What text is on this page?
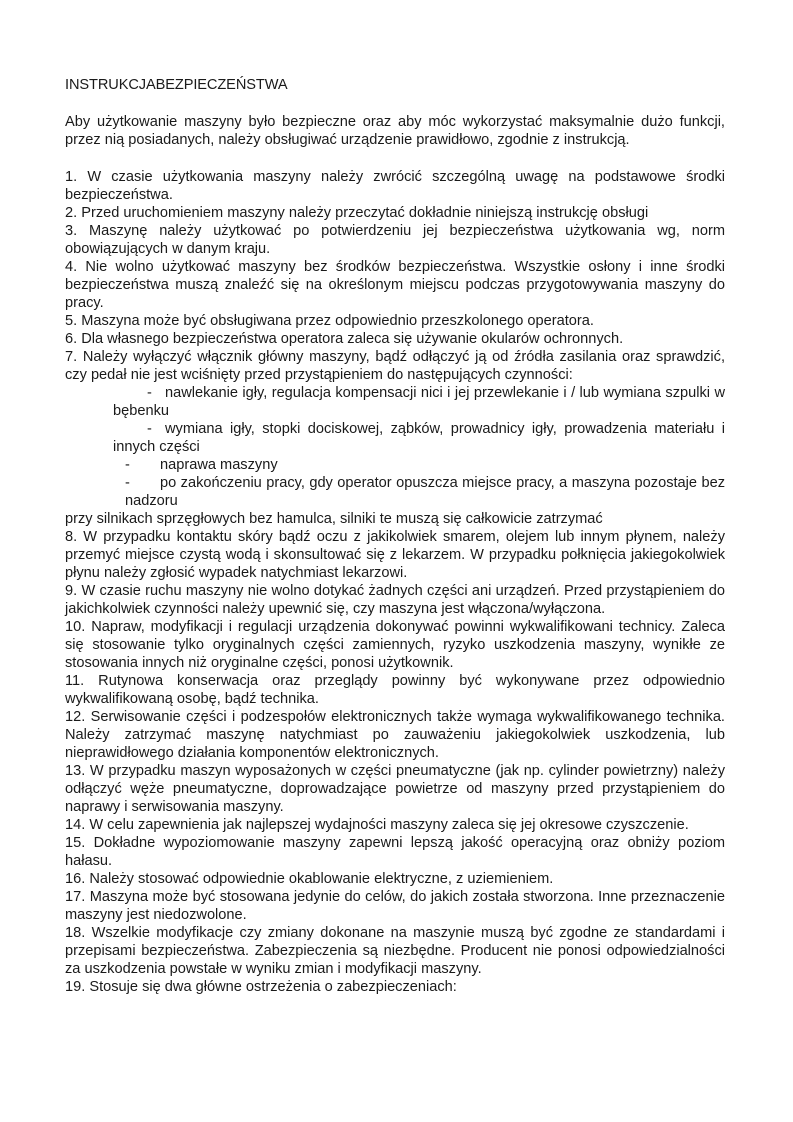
INSTRUKCJABEZPIECZEŃSTWA

Aby użytkowanie maszyny było bezpieczne oraz aby móc wykorzystać maksymalnie dużo funkcji, przez nią posiadanych, należy obsługiwać urządzenie prawidłowo, zgodnie z instrukcją.

1. W czasie użytkowania maszyny należy zwrócić szczególną uwagę na podstawowe środki bezpieczeństwa.

2. Przed uruchomieniem maszyny należy przeczytać dokładnie niniejszą instrukcję obsługi

3. Maszynę należy użytkować po potwierdzeniu jej bezpieczeństwa użytkowania wg, norm obowiązujących w danym kraju.

4. Nie wolno użytkować maszyny bez środków bezpieczeństwa. Wszystkie osłony i inne środki bezpieczeństwa muszą znaleźć się na określonym miejscu podczas przygotowywania maszyny do pracy.

5. Maszyna może być obsługiwana przez odpowiednio przeszkolonego operatora.

6. Dla własnego bezpieczeństwa operatora zaleca się używanie okularów ochronnych.

7. Należy wyłączyć włącznik główny maszyny, bądź odłączyć ją od źródła zasilania oraz sprawdzić, czy pedał nie jest wciśnięty przed przystąpieniem do następujących czynności:

- nawlekanie igły, regulacja kompensacji nici i jej przewlekanie i / lub wymiana szpulki w bębenku

- wymiana igły, stopki dociskowej, ząbków, prowadnicy igły, prowadzenia materiału i innych części

- naprawa maszyny

- po zakończeniu pracy, gdy operator opuszcza miejsce pracy, a maszyna pozostaje bez nadzoru

przy silnikach sprzęgłowych bez hamulca, silniki te muszą się całkowicie zatrzymać

8. W przypadku kontaktu skóry bądź oczu z jakikolwiek smarem, olejem lub innym płynem, należy przemyć miejsce czystą wodą i skonsultować się z lekarzem. W przypadku połknięcia jakiegokolwiek płynu należy zgłosić wypadek natychmiast lekarzowi.

9. W czasie ruchu maszyny nie wolno dotykać żadnych części ani urządzeń. Przed przystąpieniem do jakichkolwiek czynności należy upewnić się, czy maszyna jest włączona/wyłączona.

10. Napraw, modyfikacji i regulacji urządzenia dokonywać powinni wykwalifikowani technicy. Zaleca się stosowanie tylko oryginalnych części zamiennych, ryzyko uszkodzenia maszyny, wynikłe ze stosowania innych niż oryginalne części, ponosi użytkownik.

11. Rutynowa konserwacja oraz przeglądy powinny być wykonywane przez odpowiednio wykwalifikowaną osobę, bądź technika.

12. Serwisowanie części i podzespołów elektronicznych także wymaga wykwalifikowanego technika. Należy zatrzymać maszynę natychmiast po zauważeniu jakiegokolwiek uszkodzenia, lub nieprawidłowego działania komponentów elektronicznych.

13. W przypadku maszyn wyposażonych w części pneumatyczne (jak np. cylinder powietrzny) należy odłączyć węże pneumatyczne, doprowadzające powietrze od maszyny przed przystąpieniem do naprawy i serwisowania maszyny.

14. W celu zapewnienia jak najlepszej wydajności maszyny zaleca się jej okresowe czyszczenie.

15. Dokładne wypoziomowanie maszyny zapewni lepszą jakość operacyjną oraz obniży poziom hałasu.

16. Należy stosować odpowiednie okablowanie elektryczne, z uziemieniem.

17. Maszyna może być stosowana jedynie do celów, do jakich została stworzona. Inne przeznaczenie maszyny jest niedozwolone.

18. Wszelkie modyfikacje czy zmiany dokonane na maszynie muszą być zgodne ze standardami i przepisami bezpieczeństwa. Zabezpieczenia są niezbędne. Producent nie ponosi odpowiedzialności za uszkodzenia powstałe w wyniku zmian i modyfikacji maszyny.

19. Stosuje się dwa główne ostrzeżenia o zabezpieczeniach:
